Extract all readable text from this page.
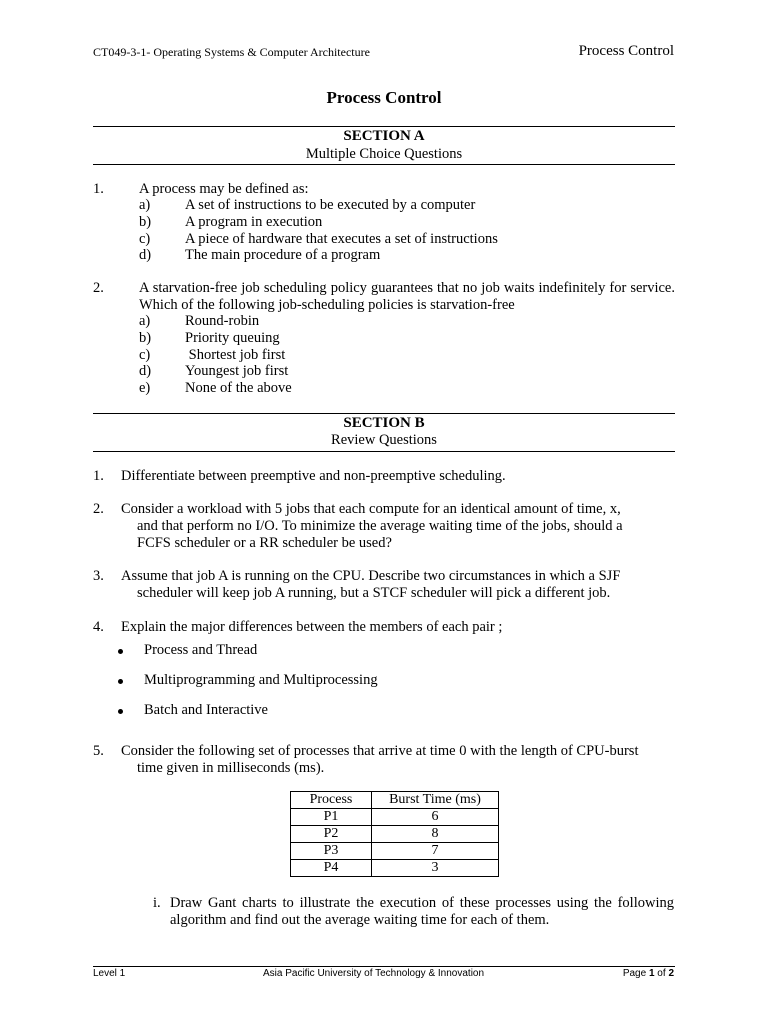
CT049-3-1- Operating Systems & Computer Architecture	Process Control
Process Control
SECTION A
Multiple Choice Questions
1. A process may be defined as:
a) A set of instructions to be executed by a computer
b) A program in execution
c) A piece of hardware that executes a set of instructions
d) The main procedure of a program
2. A starvation-free job scheduling policy guarantees that no job waits indefinitely for service. Which of the following job-scheduling policies is starvation-free
a) Round-robin
b) Priority queuing
c) Shortest job first
d) Youngest job first
e) None of the above
SECTION B
Review Questions
1. Differentiate between preemptive and non-preemptive scheduling.
2. Consider a workload with 5 jobs that each compute for an identical amount of time, x,
and that perform no I/O. To minimize the average waiting time of the jobs, should a
FCFS scheduler or a RR scheduler be used?
3. Assume that job A is running on the CPU. Describe two circumstances in which a SJF
scheduler will keep job A running, but a STCF scheduler will pick a different job.
4. Explain the major differences between the members of each pair ;
Process and Thread
Multiprogramming and Multiprocessing
Batch and Interactive
5. Consider the following set of processes that arrive at time 0 with the length of CPU-burst
time given in milliseconds (ms).
Process	Burst Time (ms)
P1	6
P2	8
P3	7
P4	3
i. Draw Gant charts to illustrate the execution of these processes using the following algorithm and find out the average waiting time for each of them.
Level 1	Asia Pacific University of Technology & Innovation	Page 1 of 2
